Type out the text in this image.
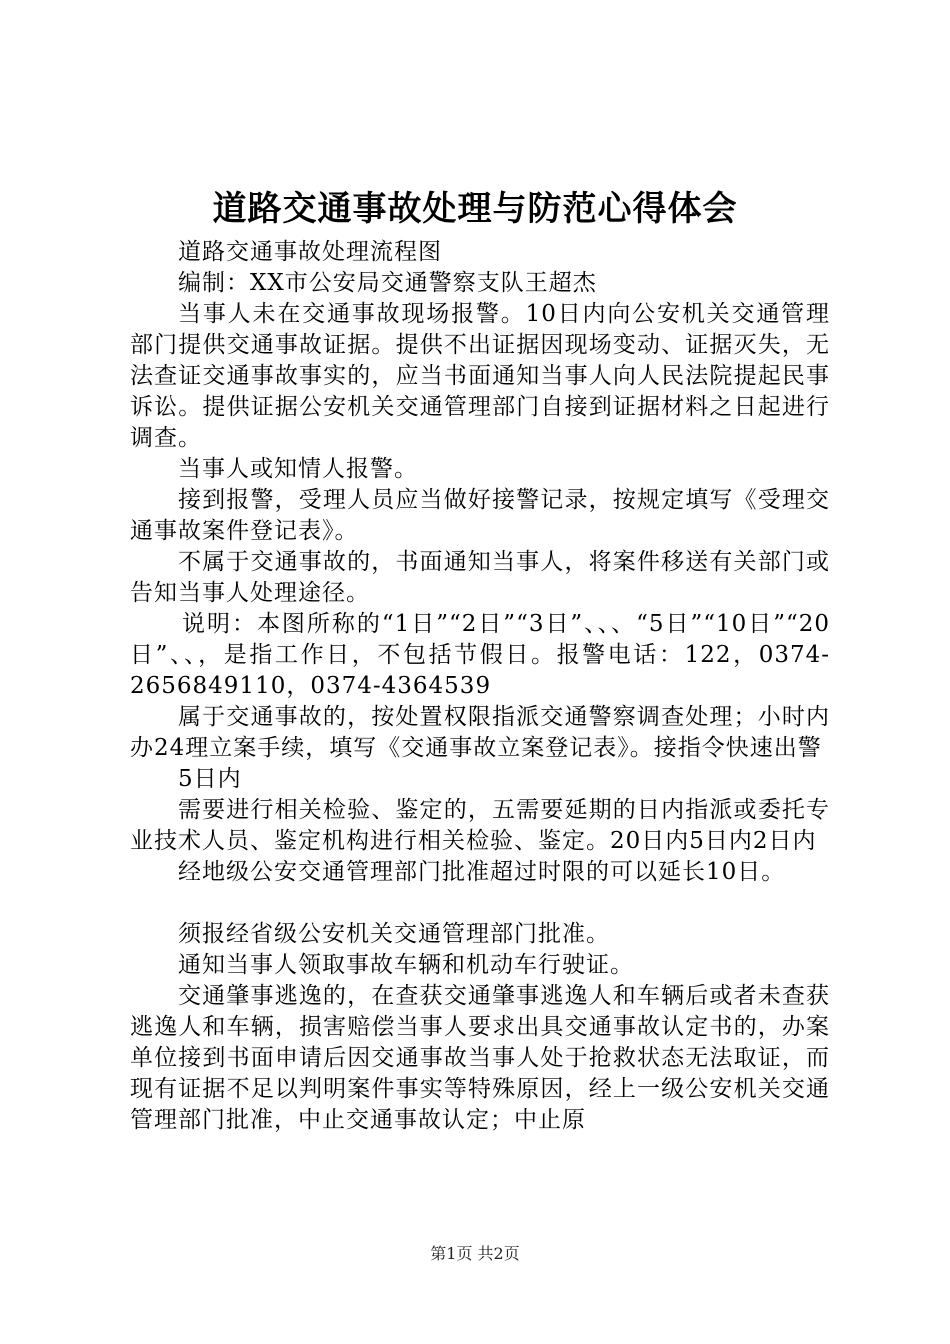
道路交通事故处理与防范心得体会

道路交通事故处理流程图

编制：XX市公安局交通警察支队王超杰

当事人未在交通事故现场报警。10日内向公安机关交通管理部门提供交通事故证据。提供不出证据因现场变动、证据灭失，无法查证交通事故事实的，应当书面通知当事人向人民法院提起民事诉讼。提供证据公安机关交通管理部门自接到证据材料之日起进行调查。

当事人或知情人报警。

接到报警，受理人员应当做好接警记录，按规定填写《受理交通事故案件登记表》。

不属于交通事故的，书面通知当事人，将案件移送有关部门或告知当事人处理途径。

说明：本图所称的“1日”“2日”“3日”、、、“5日”“10日”“20日”、、，是指工作日，不包括节假日。报警电话：122，0374-2656849110，0374-4364539

属于交通事故的，按处置权限指派交通警察调查处理；小时内办24理立案手续，填写《交通事故立案登记表》。接指令快速出警

5日内

需要进行相关检验、鉴定的，五需要延期的日内指派或委托专业技术人员、鉴定机构进行相关检验、鉴定。20日内5日内2日内

经地级公安交通管理部门批准超过时限的可以延长10日。

须报经省级公安机关交通管理部门批准。

通知当事人领取事故车辆和机动车行驶证。

交通肇事逃逸的，在查获交通肇事逃逸人和车辆后或者未查获逃逸人和车辆，损害赔偿当事人要求出具交通事故认定书的，办案单位接到书面申请后因交通事故当事人处于抢救状态无法取证，而现有证据不足以判明案件事实等特殊原因，经上一级公安机关交通管理部门批准，中止交通事故认定；中止原

第1页 共2页
